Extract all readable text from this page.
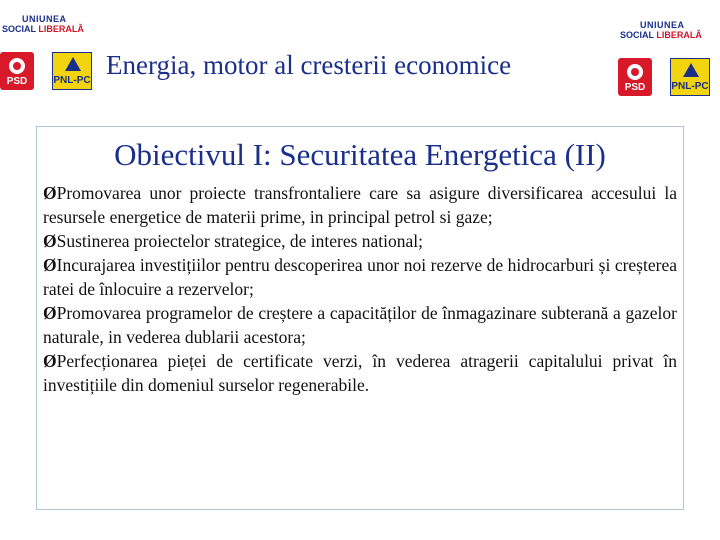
UNIUNEA
SOCIAL LIBERALĂ
PSD	PNL-PC
Energia, motor al cresterii economice
UNIUNEA
SOCIAL LIBERALĂ
PSD	PNL-PC
Obiectivul I: Securitatea Energetica (II)

ØPromovarea unor proiecte transfrontaliere care sa asigure diversificarea accesului la resursele energetice de materii prime, in principal petrol si gaze;

ØSustinerea proiectelor strategice, de interes national;

ØIncurajarea investițiilor pentru descoperirea unor noi rezerve de hidrocarburi și creșterea ratei de înlocuire a rezervelor;

ØPromovarea programelor de creștere a capacităților de înmagazinare subterană a gazelor naturale, in vederea dublarii acestora;

ØPerfecționarea pieței de certificate verzi, în vederea atragerii capitalului privat în investițiile din domeniul surselor regenerabile.
